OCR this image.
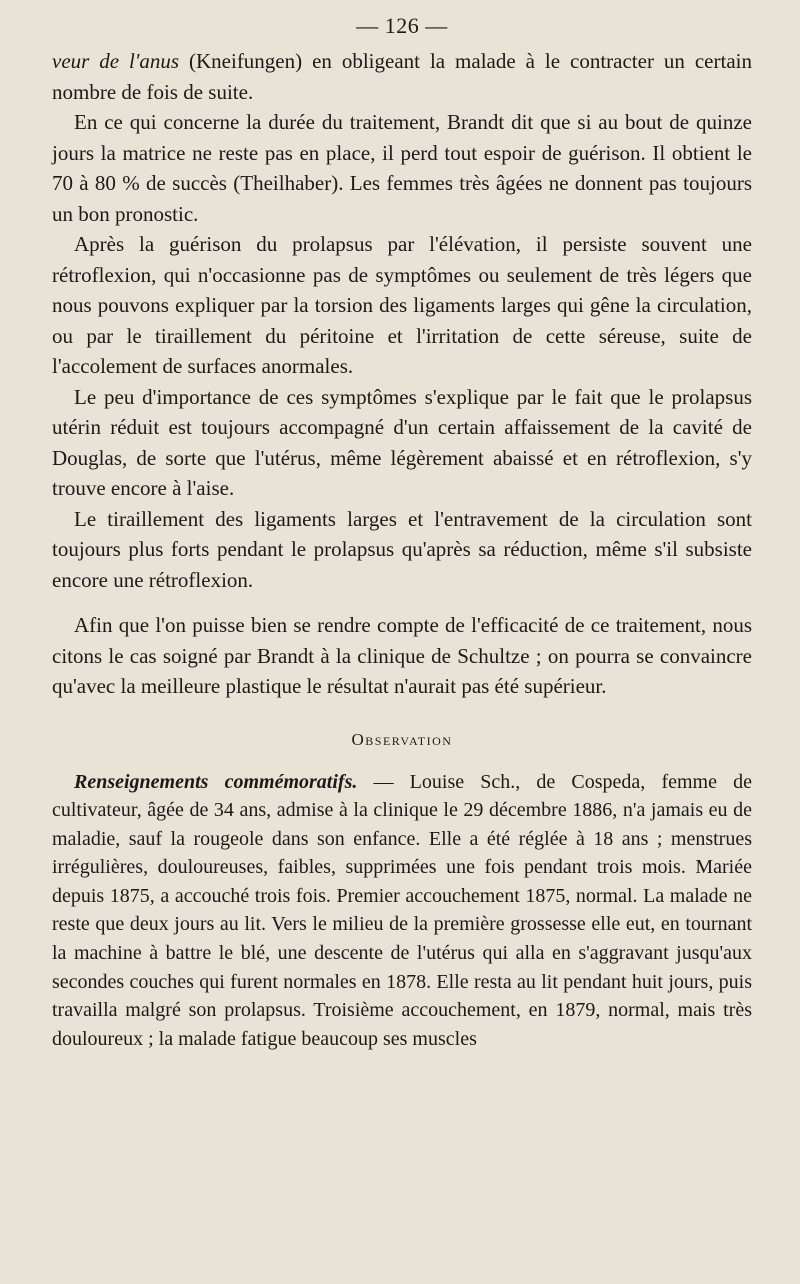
— 126 —

veur de l'anus (Kneifungen) en obligeant la malade à le contracter un certain nombre de fois de suite.

En ce qui concerne la durée du traitement, Brandt dit que si au bout de quinze jours la matrice ne reste pas en place, il perd tout espoir de guérison. Il obtient le 70 à 80 % de succès (Theilhaber). Les femmes très âgées ne donnent pas toujours un bon pronostic.

Après la guérison du prolapsus par l'élévation, il persiste souvent une rétroflexion, qui n'occasionne pas de symptômes ou seulement de très légers que nous pouvons expliquer par la torsion des ligaments larges qui gêne la circulation, ou par le tiraillement du péritoine et l'irritation de cette séreuse, suite de l'accolement de surfaces anormales.

Le peu d'importance de ces symptômes s'explique par le fait que le prolapsus utérin réduit est toujours accompagné d'un certain affaissement de la cavité de Douglas, de sorte que l'utérus, même légèrement abaissé et en rétroflexion, s'y trouve encore à l'aise.

Le tiraillement des ligaments larges et l'entravement de la circulation sont toujours plus forts pendant le prolapsus qu'après sa réduction, même s'il subsiste encore une rétroflexion.

Afin que l'on puisse bien se rendre compte de l'efficacité de ce traitement, nous citons le cas soigné par Brandt à la clinique de Schultze ; on pourra se convaincre qu'avec la meilleure plastique le résultat n'aurait pas été supérieur.

Observation

Renseignements commémoratifs. — Louise Sch., de Cospeda, femme de cultivateur, âgée de 34 ans, admise à la clinique le 29 décembre 1886, n'a jamais eu de maladie, sauf la rougeole dans son enfance. Elle a été réglée à 18 ans ; menstrues irrégulières, douloureuses, faibles, supprimées une fois pendant trois mois. Mariée depuis 1875, a accouché trois fois. Premier accouchement 1875, normal. La malade ne reste que deux jours au lit. Vers le milieu de la première grossesse elle eut, en tournant la machine à battre le blé, une descente de l'utérus qui alla en s'aggravant jusqu'aux secondes couches qui furent normales en 1878. Elle resta au lit pendant huit jours, puis travailla malgré son prolapsus. Troisième accouchement, en 1879, normal, mais très douloureux ; la malade fatigue beaucoup ses muscles
